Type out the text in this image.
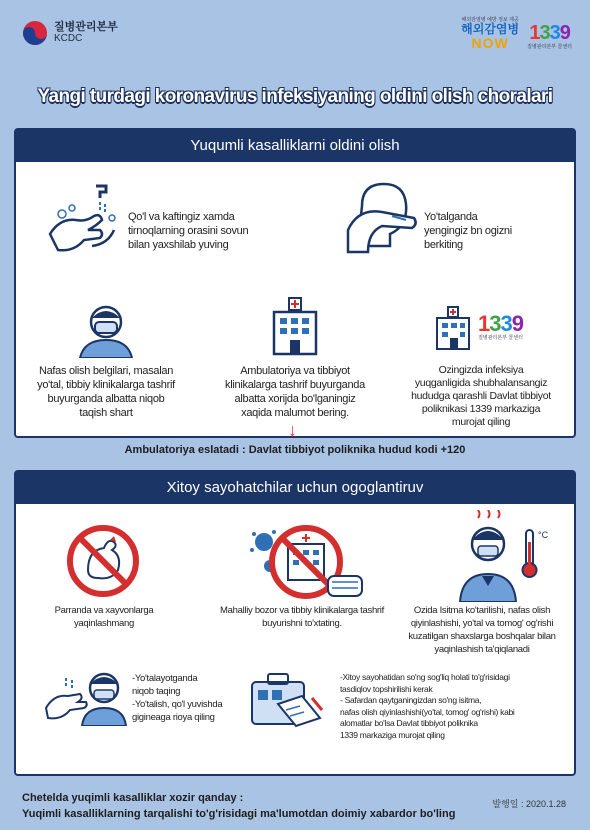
질병관리본부
KCDC
해외감염병 예방 정보 제공
해외감염병
NOW	1339
질병관리본부 콜센터
Yangi turdagi koronavirus infeksiyaning oldini olish choralari
Yuqumli kasalliklarni oldini olish
Qo'l va kaftingiz xamda
tirnoqlarning orasini sovun
bilan yaxshilab yuving
Yo'talganda
yengingiz bn ogizni
berkiting
Nafas olish belgilari, masalan
yo'tal, tibbiy klinikalarga tashrif
buyurganda albatta niqob
taqish shart
Ambulatoriya va tibbiyot
klinikalarga tashrif buyurganda
albatta xorijda bo'lganingiz
xaqida malumot bering.
1339
질병관리본부 콜센터
Ozingizda infeksiya
yuqganligida shubhalansangiz
hududga qarashli Davlat tibbiyot
poliknikasi 1339 markaziga
murojat qiling
↓
Ambulatoriya eslatadi : Davlat tibbiyot poliknika hudud kodi +120
Xitoy sayohatchilar uchun ogoglantiruv
Parranda va xayvonlarga
yaqinlashmang
Mahalliy bozor va tibbiy klinikalarga tashrif
buyurishni to'xtating.
°C
Ozida Isitma ko'tarilishi, nafas olish
qiyinlashishi, yo'tal va tomog' og'rishi
kuzatilgan shaxslarga boshqalar bilan
yaqinlashish ta'qiqlanadi
-Yo'talayotganda
niqob taqing
-Yo'talish, qo'l yuvishda
gigineaga rioya qiling
-Xitoy sayohatidan so'ng sog'liq holati to'g'risidagi
tasdiqlov topshirilishi kerak
- Safardan qaytganingizdan so'ng isitma,
nafas olish qiyinlashishi(yo'tal, tomog' og'rishi) kabi
alomatlar bo'lsa Davlat tibbiyot poliknika
1339 markaziga murojat qiling
Chetelda yuqimli kasalliklar xozir qanday :
Yuqimli kasalliklarning tarqalishi to'g'risidagi ma'lumotdan doimiy xabardor bo'ling
발행일 : 2020.1.28
